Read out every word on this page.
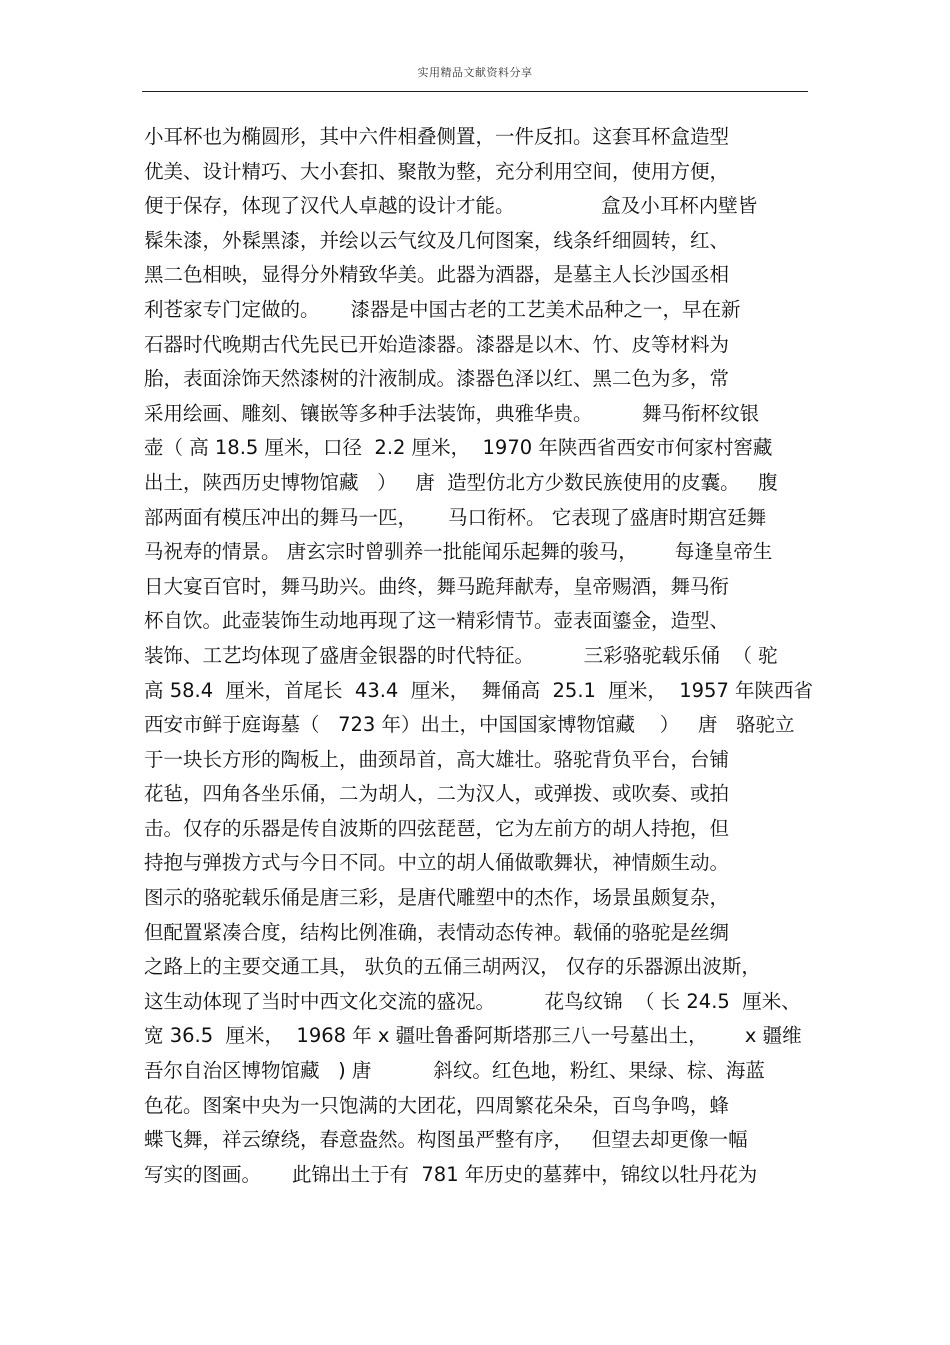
实用精品文献资料分享
小耳杯也为椭圆形，其中六件相叠侧置，一件反扣。这套耳杯盒造型
优美、设计精巧、大小套扣、聚散为整，充分利用空间，使用方便，
便于保存，体现了汉代人卓越的设计才能。              盒及小耳杯内壁皆
髹朱漆，外髹黑漆，并绘以云气纹及几何图案，线条纤细圆转，红、
黑二色相映，显得分外精致华美。此器为酒器，是墓主人长沙国丞相
利苍家专门定做的。     漆器是中国古老的工艺美术品种之一，早在新
石器时代晚期古代先民已开始造漆器。漆器是以木、竹、皮等材料为
胎，表面涂饰天然漆树的汁液制成。漆器色泽以红、黑二色为多，常
采用绘画、雕刻、镶嵌等多种手法装饰，典雅华贵。        舞马衔杯纹银
壶（ 高 18.5 厘米，口径  2.2 厘米，  1970 年陕西省西安市何家村窖藏
出土，陕西历史博物馆藏   ）   唐  造型仿北方少数民族使用的皮囊。   腹
部两面有模压冲出的舞马一匹，     马口衔杯。 它表现了盛唐时期宫廷舞
马祝寿的情景。 唐玄宗时曾驯养一批能闻乐起舞的骏马，      每逢皇帝生
日大宴百官时，舞马助兴。曲终，舞马跪拜献寿，皇帝赐酒，舞马衔
杯自饮。此壶装饰生动地再现了这一精彩情节。壶表面鎏金，造型、
装饰、工艺均体现了盛唐金银器的时代特征。        三彩骆驼载乐俑  （ 驼
高 58.4  厘米，首尾长  43.4  厘米，  舞俑高  25.1  厘米，  1957 年陕西省
西安市鲜于庭诲墓（   723 年）出土，中国国家博物馆藏    ）   唐   骆驼立
于一块长方形的陶板上，曲颈昂首，高大雄壮。骆驼背负平台，台铺
花毡，四角各坐乐俑，二为胡人，二为汉人，或弹拨、或吹奏、或拍
击。仅存的乐器是传自波斯的四弦琵琶，它为左前方的胡人持抱，但
持抱与弹拨方式与今日不同。中立的胡人俑做歌舞状，神情颇生动。
图示的骆驼载乐俑是唐三彩，是唐代雕塑中的杰作，场景虽颇复杂，
但配置紧凑合度，结构比例准确，表情动态传神。载俑的骆驼是丝绸
之路上的主要交通工具， 驮负的五俑三胡两汉， 仅存的乐器源出波斯，
这生动体现了当时中西文化交流的盛况。        花鸟纹锦  （ 长 24.5  厘米、
宽 36.5  厘米，  1968 年 x 疆吐鲁番阿斯塔那三八一号墓出土，      x 疆维
吾尔自治区博物馆藏   ) 唐          斜纹。红色地，粉红、果绿、棕、海蓝
色花。图案中央为一只饱满的大团花，四周繁花朵朵，百鸟争鸣，蜂
蝶飞舞，祥云缭绕，春意盎然。构图虽严整有序，   但望去却更像一幅
写实的图画。     此锦出土于有  781 年历史的墓葬中，锦纹以牡丹花为
